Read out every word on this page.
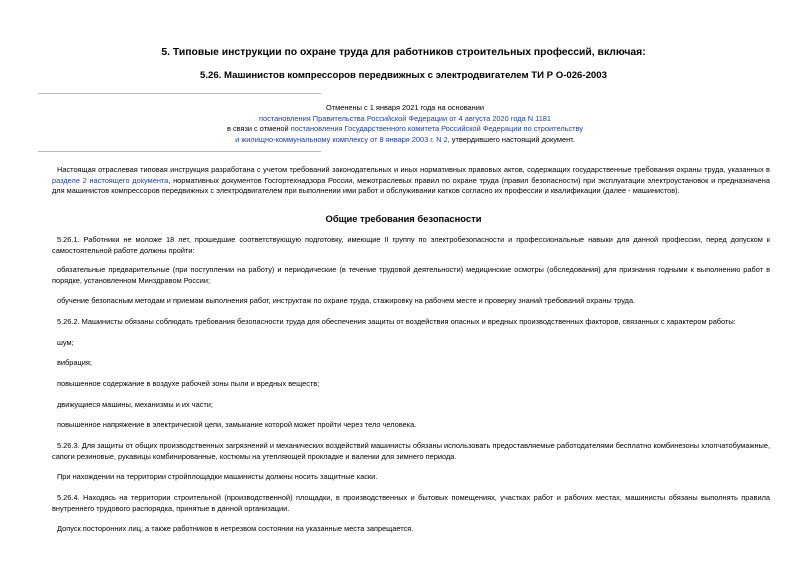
5. Типовые инструкции по охране труда для работников строительных профессий, включая:
5.26. Машинистов компрессоров передвижных с электродвигателем ТИ Р О-026-2003
Отменены с 1 января 2021 года на основании
постановления Правительства Российской Федерации от 4 августа 2020 года N 1181
в связи с отменой постановления Государственного комитета Российской Федерации по строительству
и жилищно-коммунальному комплексу от 8 января 2003 г. N 2, утвердившего настоящий документ.

Настоящая отраслевая типовая инструкция разработана с учетом требований законодательных и иных нормативных правовых актов, содержащих государственные требования охраны труда, указанных в разделе 2 настоящего документа, нормативных документов Госгортехнадзора России, межотраслевых правил по охране труда (правил безопасности) при эксплуатации электроустановок и предназначена для машинистов компрессоров передвижных с электродвигателем при выполнении ими работ и обслуживании катков согласно их профессии и квалификации (далее - машинистов).

Общие требования безопасности

5.26.1. Работники не моложе 18 лет, прошедшие соответствующую подготовку, имеющие II группу по электробезопасности и профессиональные навыки для данной профессии, перед допуском к самостоятельной работе должны пройти:

обязательные предварительные (при поступлении на работу) и периодические (в течение трудовой деятельности) медицинские осмотры (обследования) для признания годными к выполнению работ в порядке, установленном Минздравом России;

обучение безопасным методам и приемам выполнения работ, инструктаж по охране труда, стажировку на рабочем месте и проверку знаний требований охраны труда.

5.26.2. Машинисты обязаны соблюдать требования безопасности труда для обеспечения защиты от воздействия опасных и вредных производственных факторов, связанных с характером работы:

шум;

вибрация;

повышенное содержание в воздухе рабочей зоны пыли и вредных веществ;

движущиеся машины, механизмы и их части;

повышенное напряжение в электрической цепи, замыкание которой может пройти через тело человека.

5.26.3. Для защиты от общих производственных загрязнений и механических воздействий машинисты обязаны использовать предоставляемые работодателями бесплатно комбинезоны хлопчатобумажные, сапоги резиновые, рукавицы комбинированные, костюмы на утепляющей прокладке и валенки для зимнего периода.

При нахождении на территории стройплощадки машинисты должны носить защитные каски.

5.26.4. Находясь на территории строительной (производственной) площадки, в производственных и бытовых помещениях, участках работ и рабочих местах, машинисты обязаны выполнять правила внутреннего трудового распорядка, принятые в данной организации.

Допуск посторонних лиц, а также работников в нетрезвом состоянии на указанные места запрещается.
